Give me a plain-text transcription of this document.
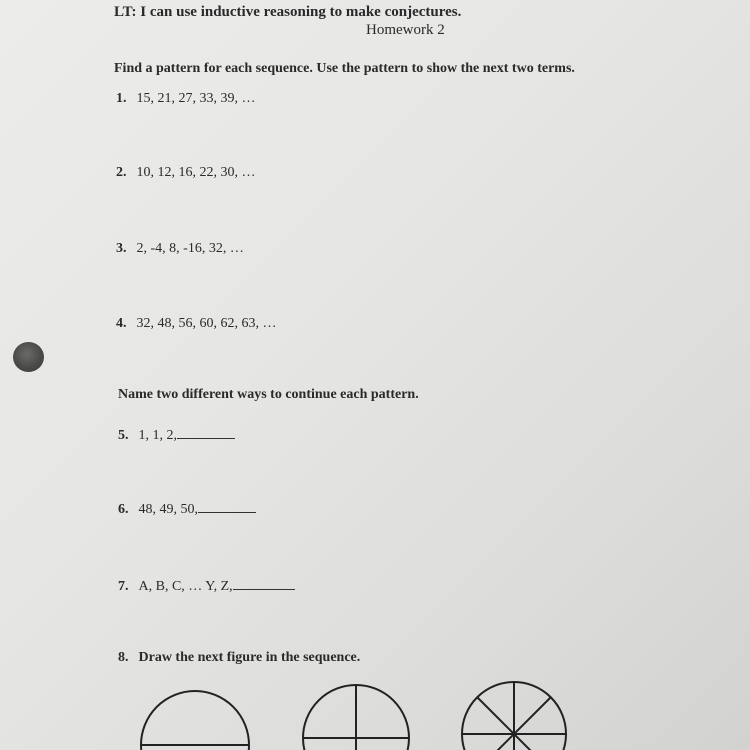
LT: I can use inductive reasoning to make conjectures.
Homework 2
Find a pattern for each sequence. Use the pattern to show the next two terms.
1. 15, 21, 27, 33, 39, …
2. 10, 12, 16, 22, 30, …
3. 2, -4, 8, -16, 32, …
4. 32, 48, 56, 60, 62, 63, …
Name two different ways to continue each pattern.
5. 1, 1, 2,
6. 48, 49, 50,
7. A, B, C, … Y, Z,
8. Draw the next figure in the sequence.
